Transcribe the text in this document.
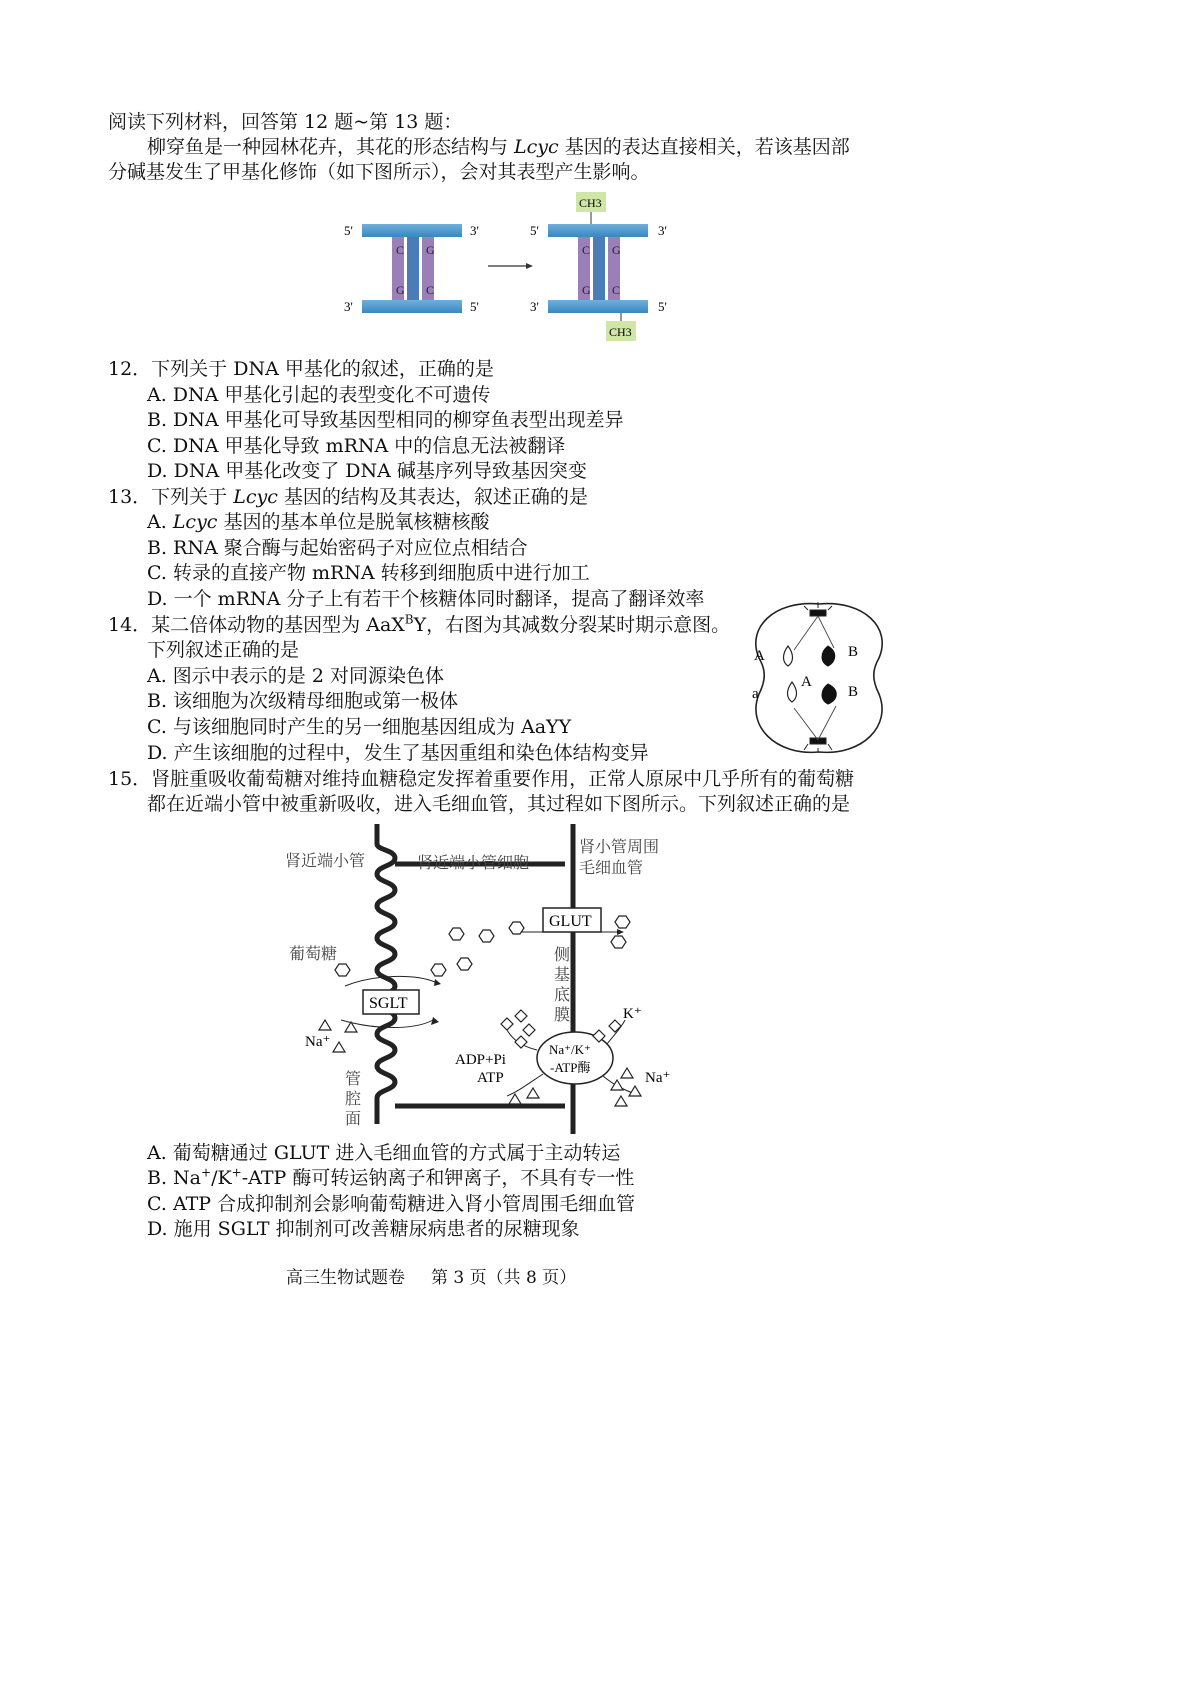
阅读下列材料，回答第 12 题~第 13 题：
柳穿鱼是一种园林花卉，其花的形态结构与 Lcyc 基因的表达直接相关，若该基因部
分碱基发生了甲基化修饰（如下图所示），会对其表型产生影响。
C
G
G
C
5'	3'
3'	5'
C
G
G
C
5'	3'
3'	5'
CH3
CH3
12．下列关于 DNA 甲基化的叙述，正确的是
A. DNA 甲基化引起的表型变化不可遗传
B. DNA 甲基化可导致基因型相同的柳穿鱼表型出现差异
C. DNA 甲基化导致 mRNA 中的信息无法被翻译
D. DNA 甲基化改变了 DNA 碱基序列导致基因突变
13．下列关于 Lcyc 基因的结构及其表达，叙述正确的是
A. Lcyc 基因的基本单位是脱氧核糖核酸
B. RNA 聚合酶与起始密码子对应位点相结合
C. 转录的直接产物 mRNA 转移到细胞质中进行加工
D. 一个 mRNA 分子上有若干个核糖体同时翻译，提高了翻译效率
14．某二倍体动物的基因型为 AaX$^B$Y，右图为其减数分裂某时期示意图。
下列叙述正确的是
A. 图示中表示的是 2 对同源染色体
B. 该细胞为次级精母细胞或第一极体
C. 与该细胞同时产生的另一细胞基因组成为 AaYY
D. 产生该细胞的过程中，发生了基因重组和染色体结构变异
A
a
A
B
B
15．肾脏重吸收葡萄糖对维持血糖稳定发挥着重要作用，正常人原尿中几乎所有的葡萄糖
都在近端小管中被重新吸收，进入毛细血管，其过程如下图所示。下列叙述正确的是
肾近端小管	肾近端小管细胞
肾小管周围
毛细血管
GLUT
葡萄糖
SGLT
侧
基
底
膜
Na⁺/K⁺
-ATP酶
K⁺
Na⁺
Na⁺
ADP+Pi
ATP
管
腔
面
A. 葡萄糖通过 GLUT 进入毛细血管的方式属于主动转运
B. Na+/K+-ATP 酶可转运钠离子和钾离子，不具有专一性
C. ATP 合成抑制剂会影响葡萄糖进入肾小管周围毛细血管
D. 施用 SGLT 抑制剂可改善糖尿病患者的尿糖现象
高三生物试题卷 第 3 页（共 8 页）
